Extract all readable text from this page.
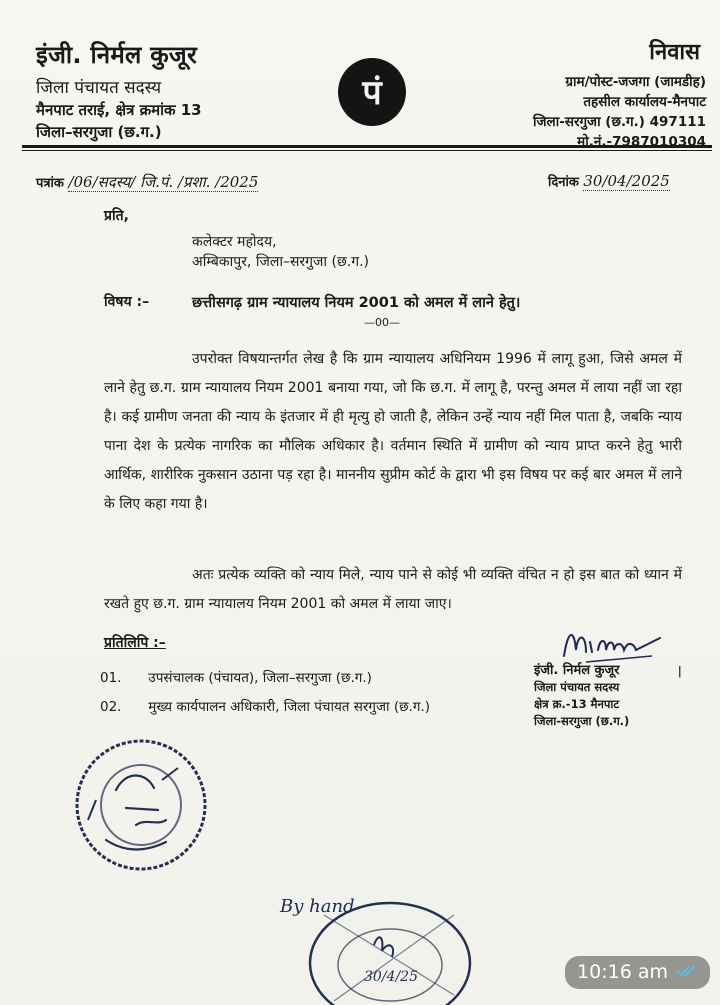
इंजी. निर्मल कुजूर
जिला पंचायत सदस्य
मैनपाट तराई, क्षेत्र क्रमांक 13
जिला–सरगुजा (छ.ग.)
पं
निवास
ग्राम/पोस्ट-जजगा (जामडीह)
तहसील कार्यालय-मैनपाट
जिला-सरगुजा (छ.ग.) 497111
मो.नं.-7987010304
पत्रांक /06/सदस्य/ जि.पं. /प्रशा. /2025	दिनांक 30/04/2025
प्रति,
कलेक्टर महोदय,
अम्बिकापुर, जिला–सरगुजा (छ.ग.)
विषय :–	छत्तीसगढ़ ग्राम न्यायालय नियम 2001 को अमल में लाने हेतु।
—00—

उपरोक्त विषयान्तर्गत लेख है कि ग्राम न्यायालय अधिनियम 1996 में लागू हुआ, जिसे अमल में लाने हेतु छ.ग. ग्राम न्यायालय नियम 2001 बनाया गया, जो कि छ.ग. में लागू है, परन्तु अमल में लाया नहीं जा रहा है। कई ग्रामीण जनता की न्याय के इंतजार में ही मृत्यु हो जाती है, लेकिन उन्हें न्याय नहीं मिल पाता है, जबकि न्याय पाना देश के प्रत्येक नागरिक का मौलिक अधिकार है। वर्तमान स्थिति में ग्रामीण को न्याय प्राप्त करने हेतु भारी आर्थिक, शारीरिक नुकसान उठाना पड़ रहा है। माननीय सुप्रीम कोर्ट के द्वारा भी इस विषय पर कई बार अमल में लाने के लिए कहा गया है।

अतः प्रत्येक व्यक्ति को न्याय मिले, न्याय पाने से कोई भी व्यक्ति वंचित न हो इस बात को ध्यान में रखते हुए छ.ग. ग्राम न्यायालय नियम 2001 को अमल में लाया जाए।

प्रतिलिपि :–
01. उपसंचालक (पंचायत), जिला–सरगुजा (छ.ग.)
02. मुख्य कार्यपालन अधिकारी, जिला पंचायत सरगुजा (छ.ग.)
Nirmal
इंजी. निर्मल कुजूर
जिला पंचायत सदस्य
क्षेत्र क्र.-13 मैनपाट
जिला-सरगुजा (छ.ग.)
ǀ
By hand
30/4/25	10:16 am
